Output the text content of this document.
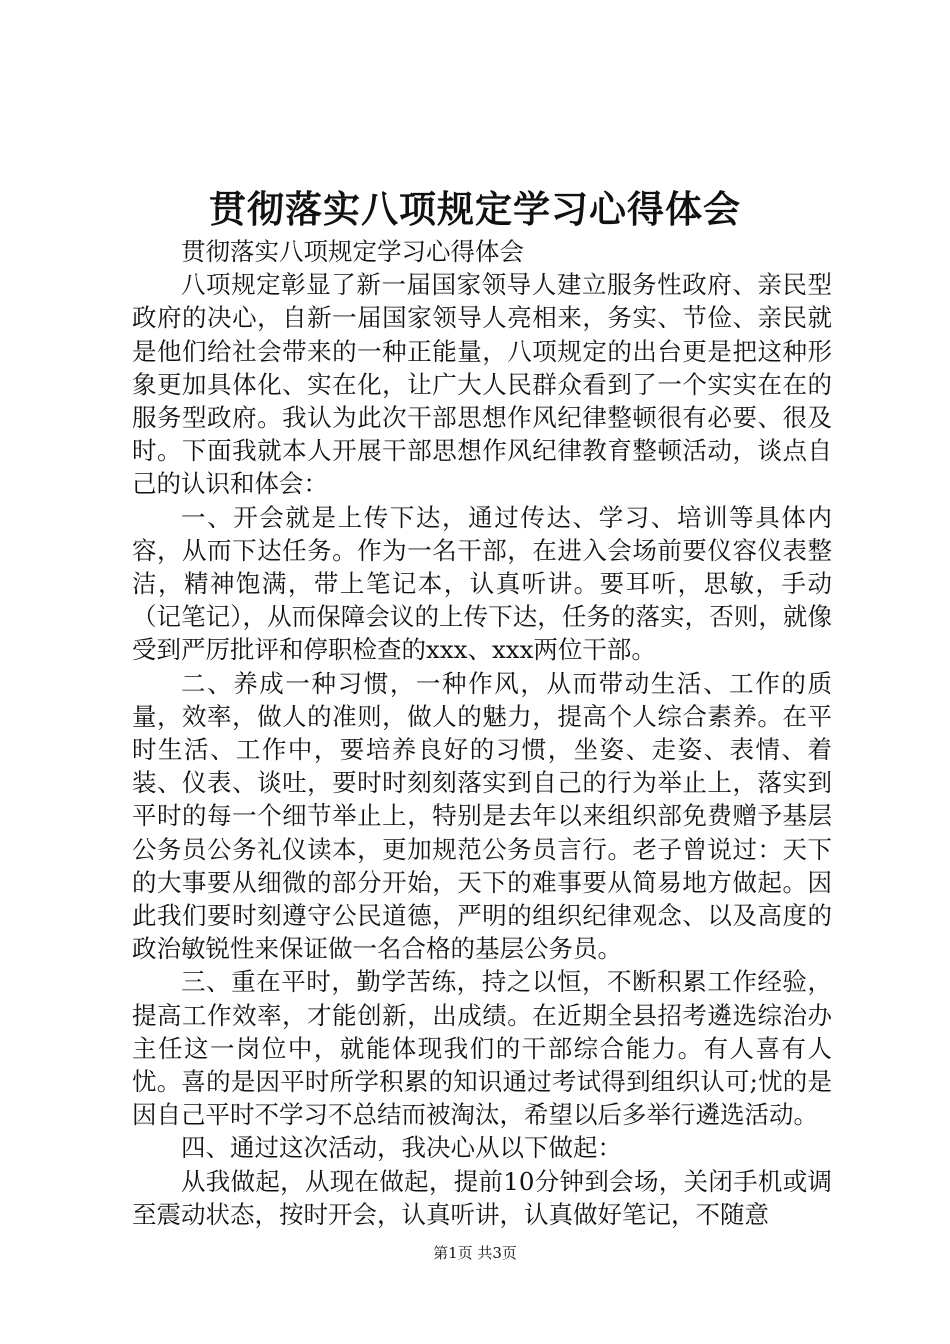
贯彻落实八项规定学习心得体会

贯彻落实八项规定学习心得体会

八项规定彰显了新一届国家领导人建立服务性政府、亲民型政府的决心，自新一届国家领导人亮相来，务实、节俭、亲民就是他们给社会带来的一种正能量，八项规定的出台更是把这种形象更加具体化、实在化，让广大人民群众看到了一个实实在在的服务型政府。我认为此次干部思想作风纪律整顿很有必要、很及时。下面我就本人开展干部思想作风纪律教育整顿活动，谈点自己的认识和体会：

一、开会就是上传下达，通过传达、学习、培训等具体内容，从而下达任务。作为一名干部，在进入会场前要仪容仪表整洁，精神饱满，带上笔记本，认真听讲。要耳听，思敏，手动（记笔记），从而保障会议的上传下达，任务的落实，否则，就像受到严厉批评和停职检查的xxx、xxx两位干部。

二、养成一种习惯，一种作风，从而带动生活、工作的质量，效率，做人的准则，做人的魅力，提高个人综合素养。在平时生活、工作中，要培养良好的习惯，坐姿、走姿、表情、着装、仪表、谈吐，要时时刻刻落实到自己的行为举止上，落实到平时的每一个细节举止上，特别是去年以来组织部免费赠予基层公务员公务礼仪读本，更加规范公务员言行。老子曾说过：天下的大事要从细微的部分开始，天下的难事要从简易地方做起。因此我们要时刻遵守公民道德，严明的组织纪律观念、以及高度的政治敏锐性来保证做一名合格的基层公务员。

三、重在平时，勤学苦练，持之以恒，不断积累工作经验，提高工作效率，才能创新，出成绩。在近期全县招考遴选综治办主任这一岗位中，就能体现我们的干部综合能力。有人喜有人忧。喜的是因平时所学积累的知识通过考试得到组织认可;忧的是因自己平时不学习不总结而被淘汰，希望以后多举行遴选活动。

四、通过这次活动，我决心从以下做起：

从我做起，从现在做起，提前10分钟到会场，关闭手机或调至震动状态，按时开会，认真听讲，认真做好笔记，不随意

第1页 共3页
